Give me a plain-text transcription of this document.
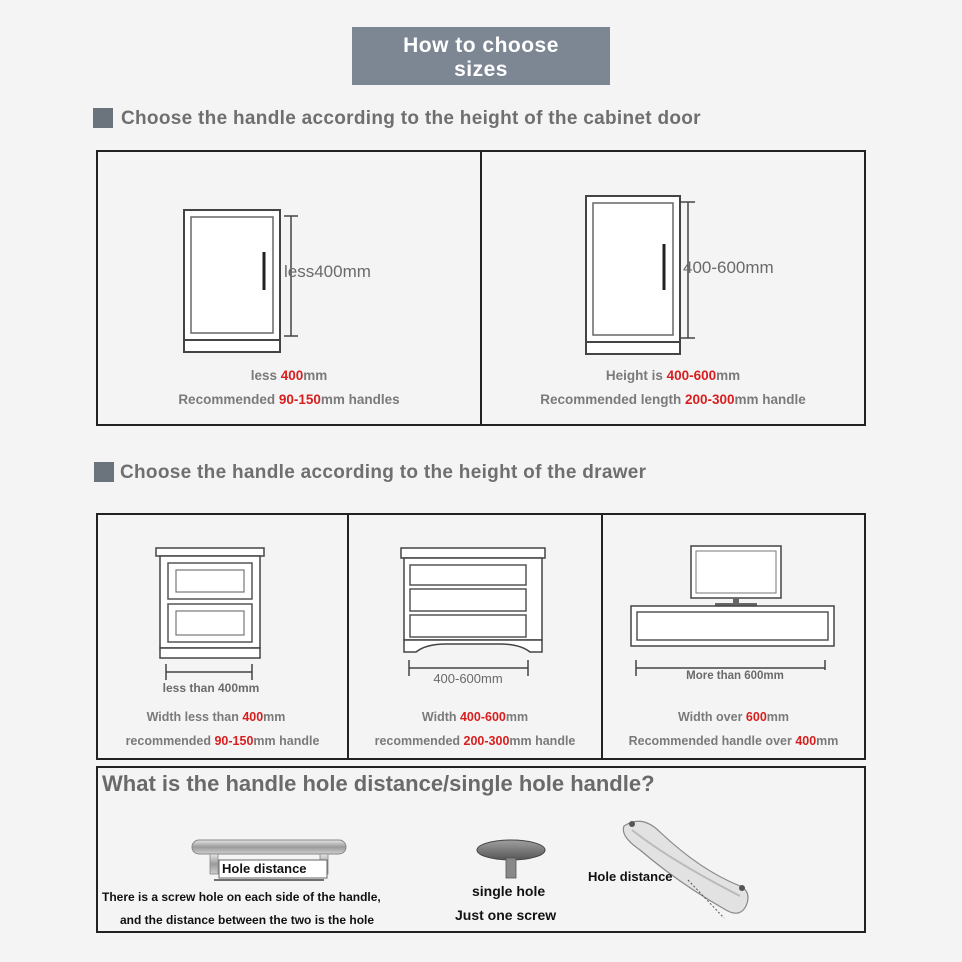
How to choose
sizes
Choose the handle according to the height of the cabinet door
less400mm	400-600mm
less 400mm
Recommended 90-150mm handles
Height is 400-600mm
Recommended length 200-300mm handle
Choose the handle according to the height of the drawer
less than 400mm
400-600mm	More than 600mm
Width less than 400mm
recommended 90-150mm handle
Width 400-600mm
recommended 200-300mm handle
Width over 600mm
Recommended handle over 400mm
What is the handle hole distance/single hole handle?
Hole distance
There is a screw hole on each side of the handle,
and the distance between the two is the hole
single hole
Just one screw
Hole distance
